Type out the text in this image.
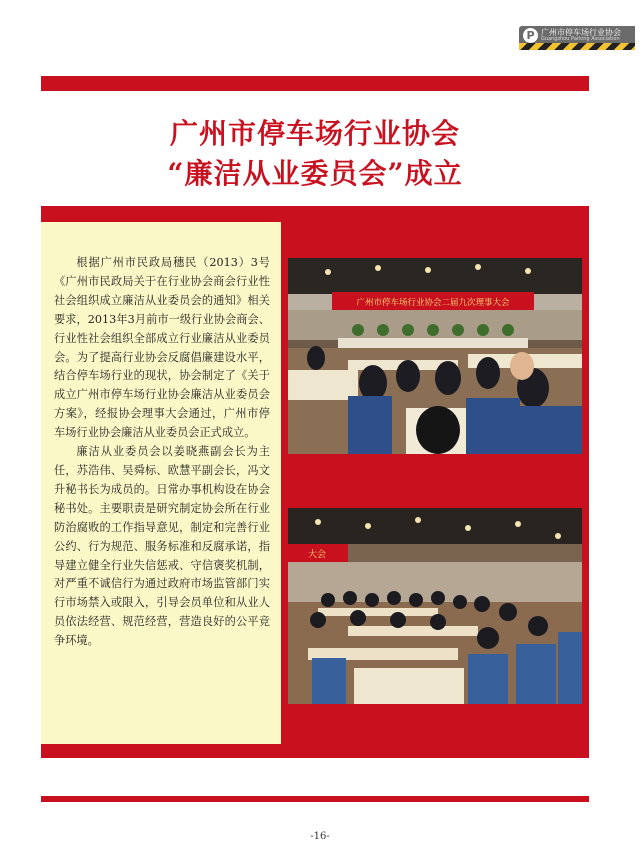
P 广州市停车场行业协会
Guangzhou Parking Association
广州市停车场行业协会
“廉洁从业委员会”成立

根据广州市民政局穗民（2013）3号《广州市民政局关于在行业协会商会行业性社会组织成立廉洁从业委员会的通知》相关要求，2013年3月前市一级行业协会商会、行业性社会组织全部成立行业廉洁从业委员会。为了提高行业协会反腐倡廉建设水平，结合停车场行业的现状，协会制定了《关于成立广州市停车场行业协会廉洁从业委员会方案》，经报协会理事大会通过，广州市停车场行业协会廉洁从业委员会正式成立。

廉洁从业委员会以姜晓燕副会长为主任，苏浩伟、吴舜标、欧慧平副会长，冯文升秘书长为成员的。日常办事机构设在协会秘书处。主要职责是研究制定协会所在行业防治腐败的工作指导意见，制定和完善行业公约、行为规范、服务标准和反腐承诺，指导建立健全行业失信惩戒、守信褒奖机制，对严重不诚信行为通过政府市场监管部门实行市场禁入或限入，引导会员单位和从业人员依法经营、规范经营，营造良好的公平竞争环境。

广州市停车场行业协会二届九次理事大会
大会
-16-
